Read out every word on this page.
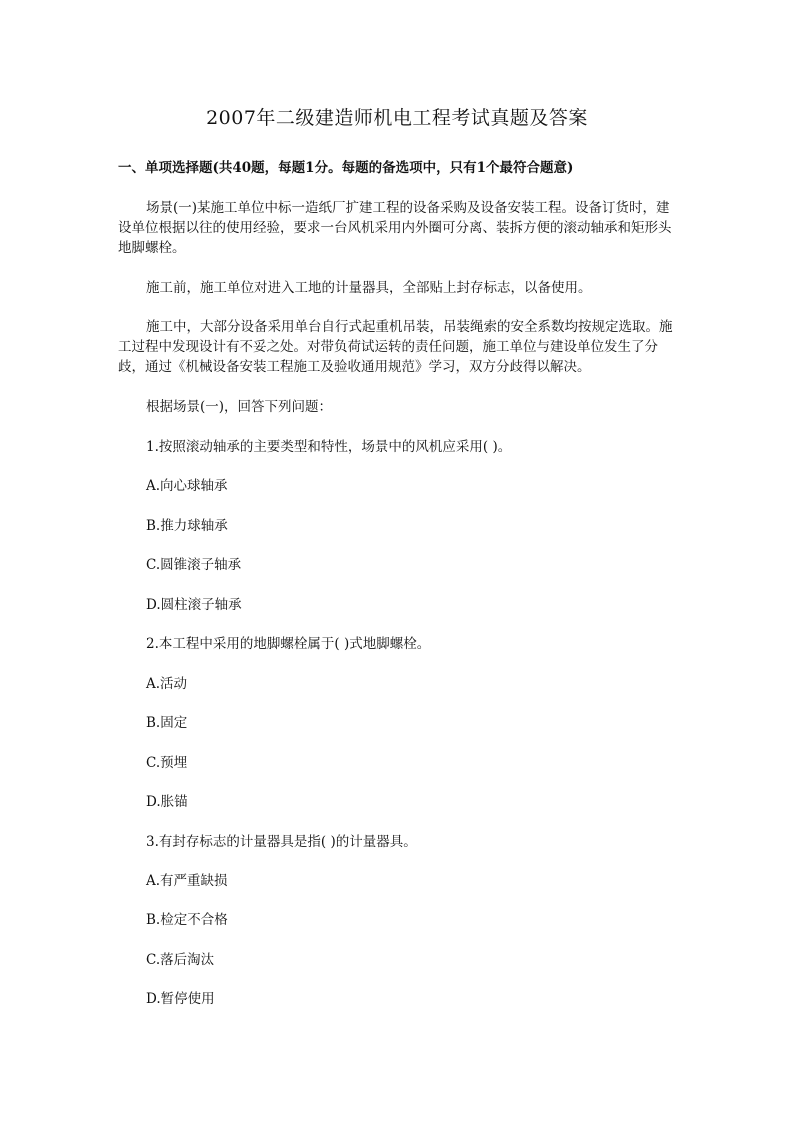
2007年二级建造师机电工程考试真题及答案
一、单项选择题(共40题，每题1分。每题的备选项中，只有1个最符合题意)

场景(一)某施工单位中标一造纸厂扩建工程的设备采购及设备安装工程。设备订货时，建设单位根据以往的使用经验，要求一台风机采用内外圈可分离、装拆方便的滚动轴承和矩形头地脚螺栓。

施工前，施工单位对进入工地的计量器具，全部贴上封存标志，以备使用。

施工中，大部分设备采用单台自行式起重机吊装，吊装绳索的安全系数均按规定选取。施工过程中发现设计有不妥之处。对带负荷试运转的责任问题，施工单位与建设单位发生了分歧，通过《机械设备安装工程施工及验收通用规范》学习，双方分歧得以解决。

根据场景(一)，回答下列问题：

1.按照滚动轴承的主要类型和特性，场景中的风机应采用( )。

A.向心球轴承

B.推力球轴承

C.圆锥滚子轴承

D.圆柱滚子轴承

2.本工程中采用的地脚螺栓属于( )式地脚螺栓。

A.活动

B.固定

C.预埋

D.胀锚

3.有封存标志的计量器具是指( )的计量器具。

A.有严重缺损

B.检定不合格

C.落后淘汰

D.暂停使用
